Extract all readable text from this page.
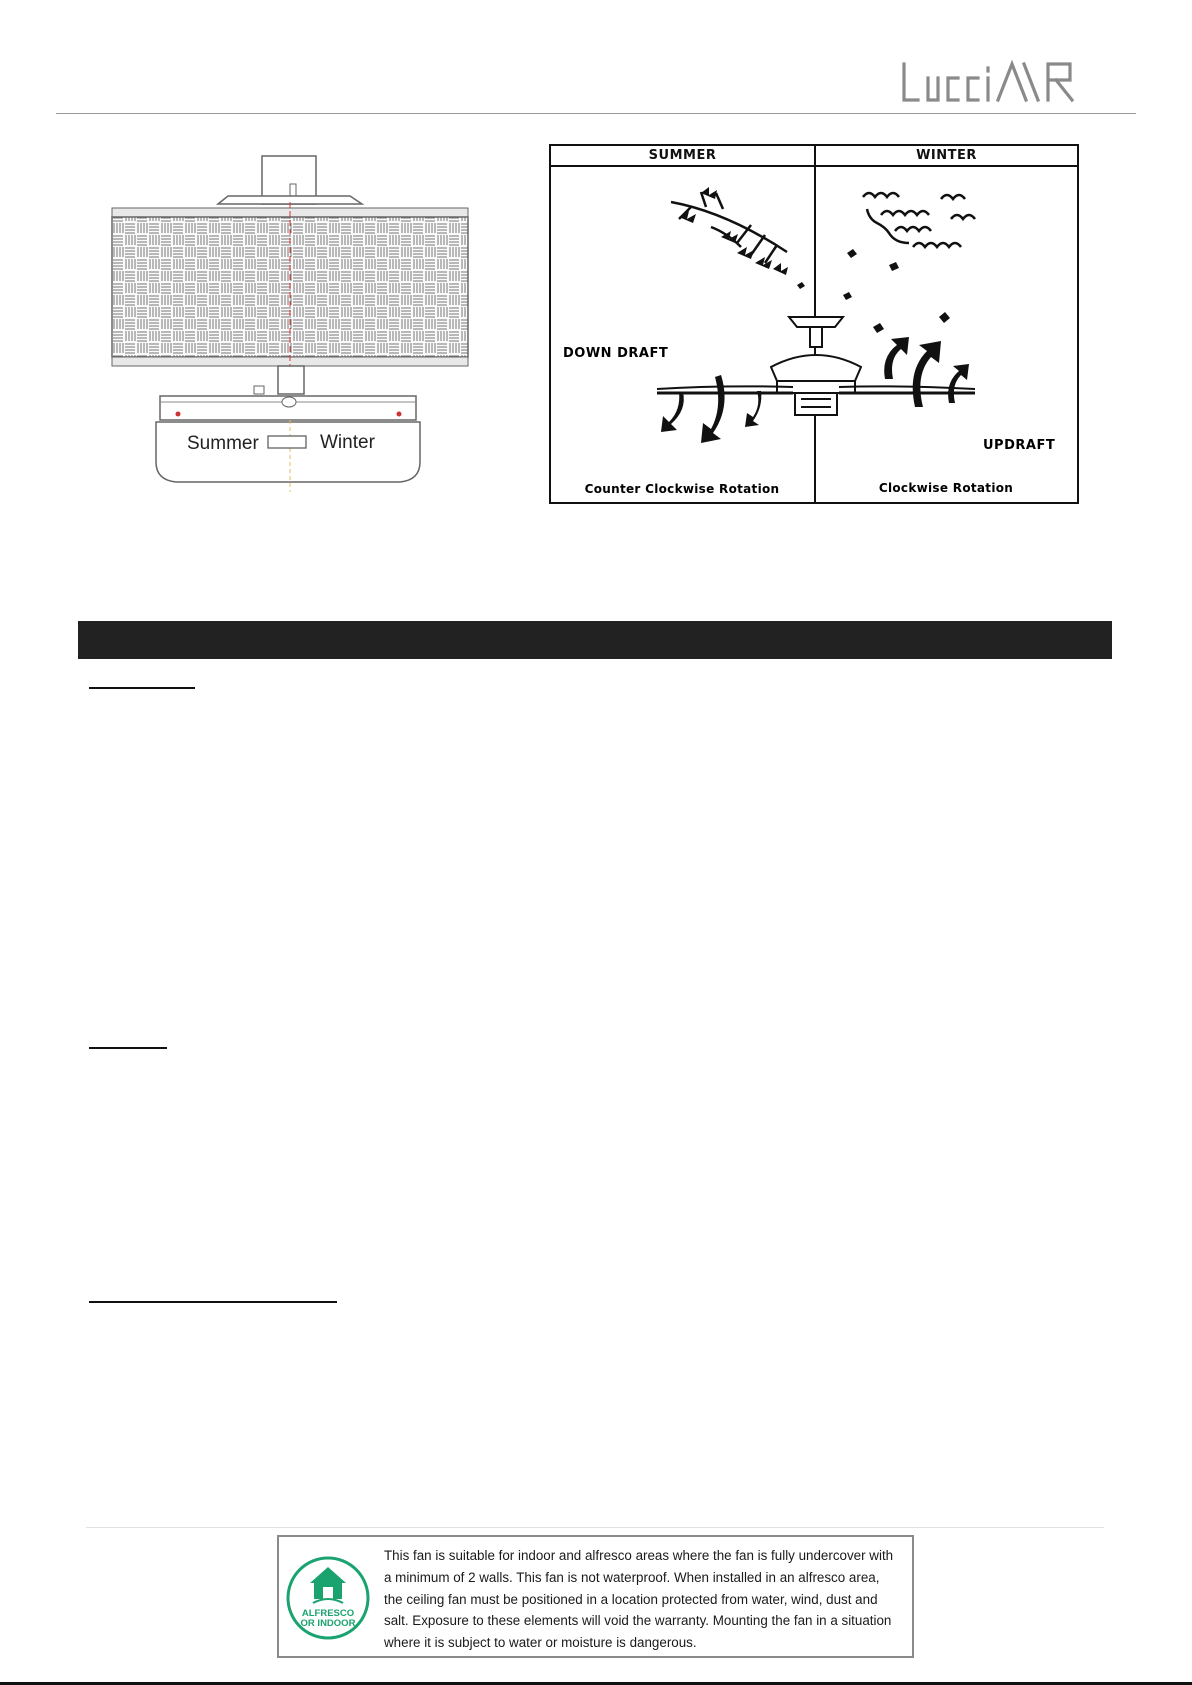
LucciAIR
Summer	Winter
SUMMER	WINTER
DOWN DRAFT
UPDRAFT
Counter Clockwise Rotation	Clockwise Rotation
ALFRESCO
OR INDOOR
This fan is suitable for indoor and alfresco areas where the fan is fully undercover with
a minimum of 2 walls. This fan is not waterproof. When installed in an alfresco area,
the ceiling fan must be positioned in a location protected from water, wind, dust and
salt. Exposure to these elements will void the warranty. Mounting the fan in a situation
where it is subject to water or moisture is dangerous.
